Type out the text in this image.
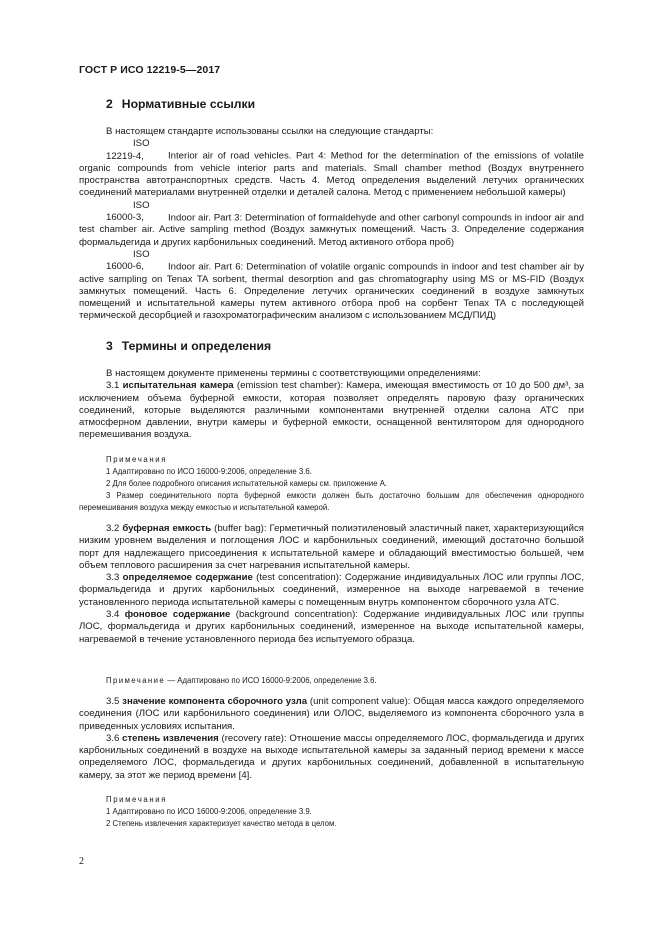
ГОСТ Р ИСО 12219-5—2017
2 Нормативные ссылки

В настоящем стандарте использованы ссылки на следующие стандарты:

ISO 12219-4,	Interior air of road vehicles. Part 4: Method for the determination of the emissions of volatile organic compounds from vehicle interior parts and materials. Small chamber method (Воздух внутреннего пространства автотранспортных средств. Часть 4. Метод определения выделений летучих органических соединений материалами внутренней отделки и деталей салона. Метод с применением небольшой камеры)

ISO 16000-3,	Indoor air. Part 3: Determination of formaldehyde and other carbonyl compounds in indoor air and test chamber air. Active sampling method (Воздух замкнутых помещений. Часть 3. Определение содержания формальдегида и других карбонильных соединений. Метод активного отбора проб)

ISO 16000-6,	Indoor air. Part 6: Determination of volatile organic compounds in indoor and test chamber air by active sampling on Tenax TA sorbent, thermal desorption and gas chromatography using MS or MS-FID (Воздух замкнутых помещений. Часть 6. Определение летучих органических соединений в воздухе замкнутых помещений и испытательной камеры путем активного отбора проб на сорбент Tenax TA с последующей термической десорбцией и газохроматографическим анализом с использованием МСД/ПИД)

3 Термины и определения

В настоящем документе применены термины с соответствующими определениями:

3.1 испытательная камера (emission test chamber): Камера, имеющая вместимость от 10 до 500 дм³, за исключением объема буферной емкости, которая позволяет определять паровую фазу органических соединений, которые выделяются различными компонентами внутренней отделки салона АТС при атмосферном давлении, внутри камеры и буферной емкости, оснащенной вентилятором для однородного перемешивания воздуха.

Примечания

1 Адаптировано по ИСО 16000-9:2006, определение 3.6.

2 Для более подробного описания испытательной камеры см. приложение А.

3 Размер соединительного порта буферной емкости должен быть достаточно большим для обеспечения однородного перемешивания воздуха между емкостью и испытательной камерой.

3.2 буферная емкость (buffer bag): Герметичный полиэтиленовый эластичный пакет, характеризующийся низким уровнем выделения и поглощения ЛОС и карбонильных соединений, имеющий достаточно большой порт для надлежащего присоединения к испытательной камере и обладающий вместимостью большей, чем объем теплового расширения за счет нагревания испытательной камеры.

3.3 определяемое содержание (test concentration): Содержание индивидуальных ЛОС или группы ЛОС, формальдегида и других карбонильных соединений, измеренное на выходе нагреваемой в течение установленного периода испытательной камеры с помещенным внутрь компонентом сборочного узла АТС.

3.4 фоновое содержание (background concentration): Содержание индивидуальных ЛОС или группы ЛОС, формальдегида и других карбонильных соединений, измеренное на выходе испытательной камеры, нагреваемой в течение установленного периода без испытуемого образца.

Примечание — Адаптировано по ИСО 16000-9:2006, определение 3.6.

3.5 значение компонента сборочного узла (unit component value): Общая масса каждого определяемого соединения (ЛОС или карбонильного соединения) или ОЛОС, выделяемого из компонента сборочного узла в приведенных условиях испытания.

3.6 степень извлечения (recovery rate): Отношение массы определяемого ЛОС, формальдегида и других карбонильных соединений в воздухе на выходе испытательной камеры за заданный период времени к массе определяемого ЛОС, формальдегида и других карбонильных соединений, добавленной в испытательную камеру, за этот же период времени [4].

Примечания

1 Адаптировано по ИСО 16000-9:2006, определение 3.9.

2 Степень извлечения характеризует качество метода в целом.

2
